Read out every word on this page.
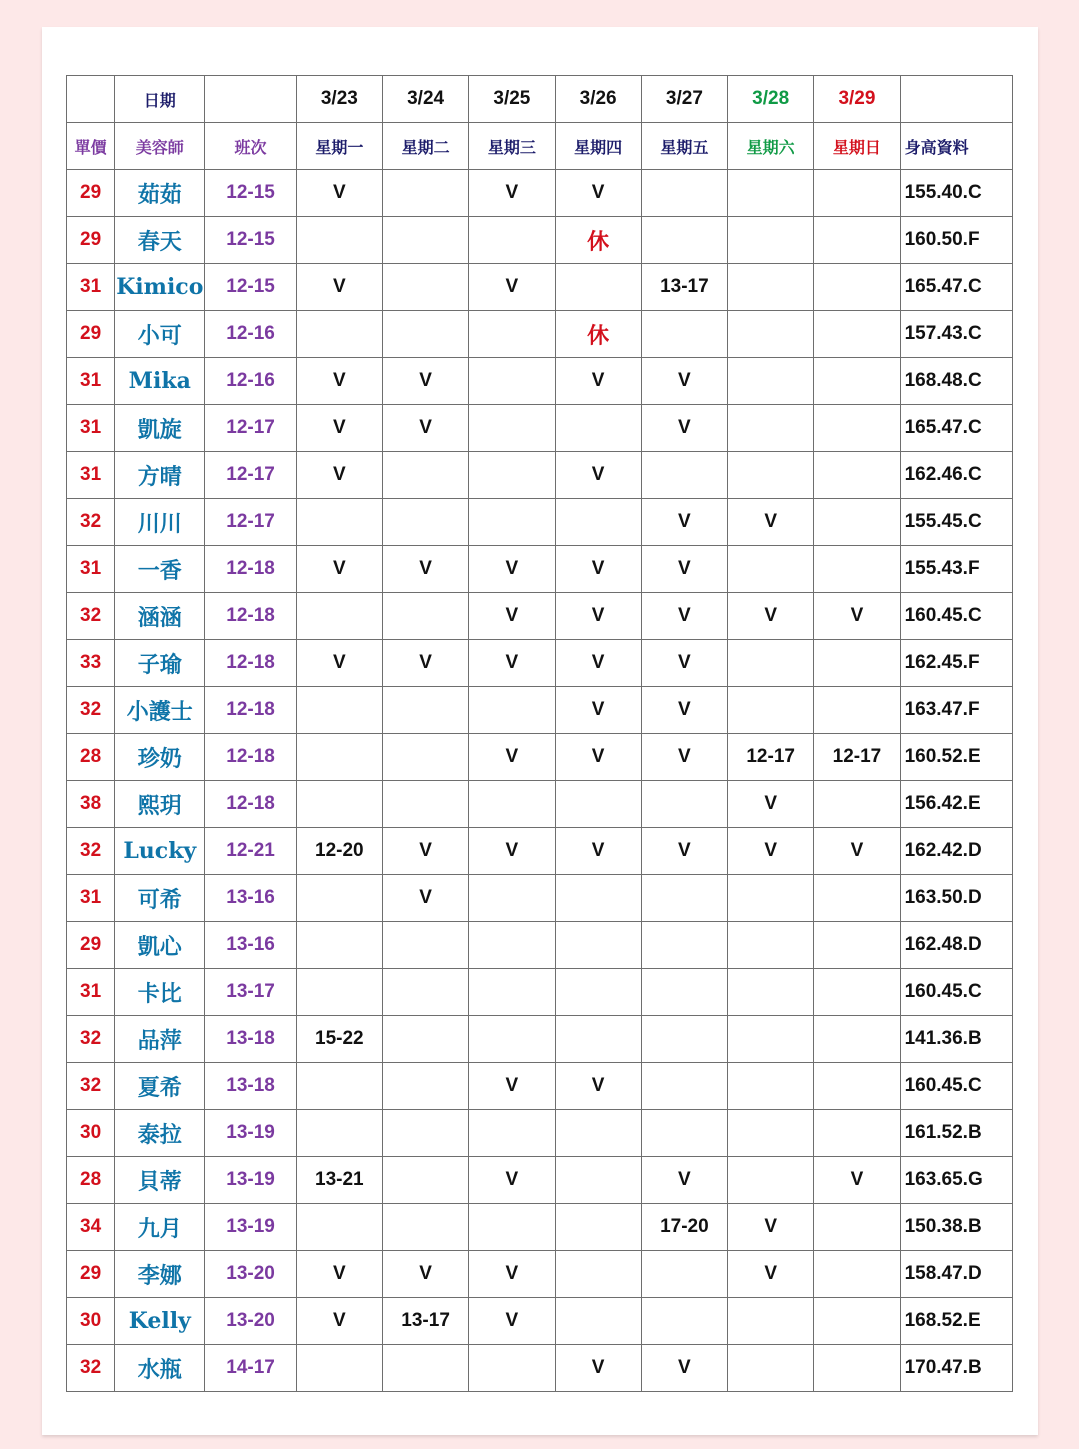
	日期		3/23	3/24	3/25	3/26	3/27	3/28	3/29	
單價	美容師	班次	星期一	星期二	星期三	星期四	星期五	星期六	星期日	身高資料
29	茹茹	12-15	V		V	V				155.40.C
29	春天	12-15				休				160.50.F
31	Kimico	12-15	V		V		13-17			165.47.C
29	小可	12-16				休				157.43.C
31	Mika	12-16	V	V		V	V			168.48.C
31	凱旋	12-17	V	V			V			165.47.C
31	方晴	12-17	V			V				162.46.C
32	川川	12-17					V	V		155.45.C
31	一香	12-18	V	V	V	V	V			155.43.F
32	涵涵	12-18			V	V	V	V	V	160.45.C
33	子瑜	12-18	V	V	V	V	V			162.45.F
32	小護士	12-18				V	V			163.47.F
28	珍奶	12-18			V	V	V	12-17	12-17	160.52.E
38	熙玥	12-18						V		156.42.E
32	Lucky	12-21	12-20	V	V	V	V	V	V	162.42.D
31	可希	13-16		V						163.50.D
29	凱心	13-16								162.48.D
31	卡比	13-17								160.45.C
32	品萍	13-18	15-22							141.36.B
32	夏希	13-18			V	V				160.45.C
30	泰拉	13-19								161.52.B
28	貝蒂	13-19	13-21		V		V		V	163.65.G
34	九月	13-19					17-20	V		150.38.B
29	李娜	13-20	V	V	V			V		158.47.D
30	Kelly	13-20	V	13-17	V					168.52.E
32	水瓶	14-17				V	V			170.47.B
